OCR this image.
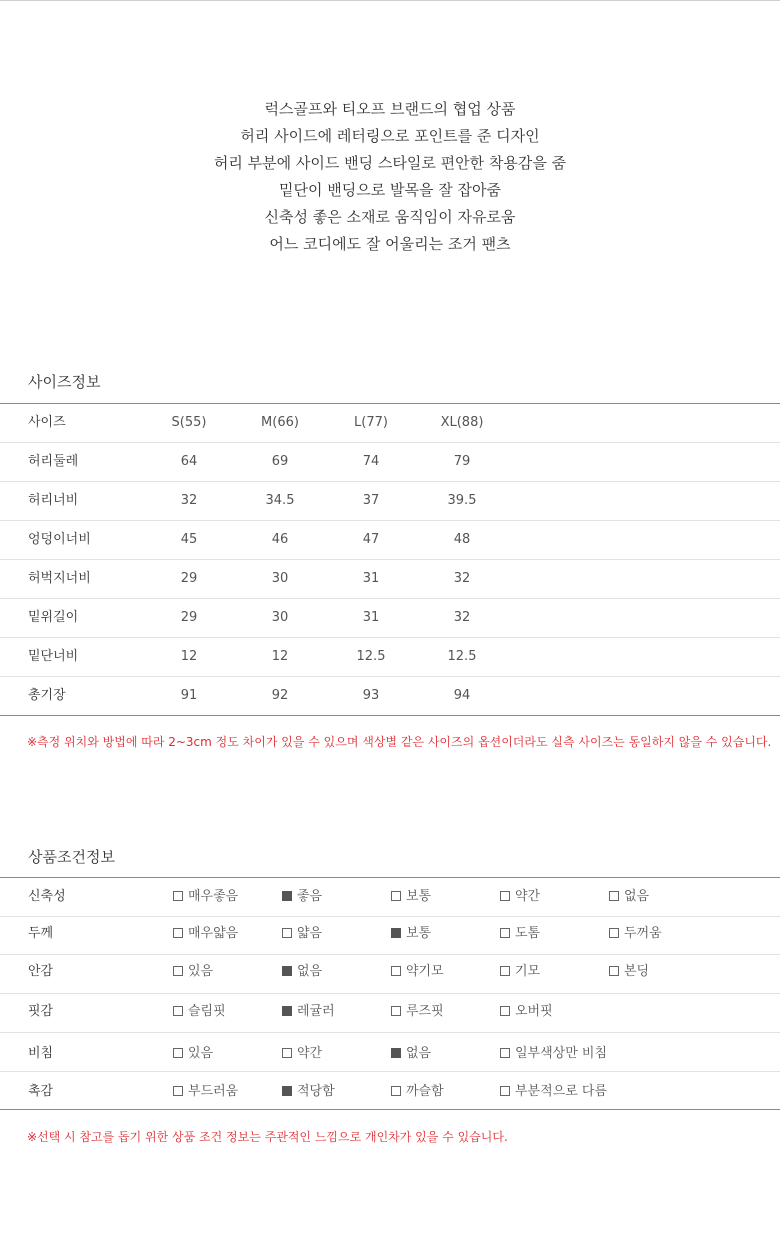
럭스골프와 티오프 브랜드의 협업 상품
허리 사이드에 레터링으로 포인트를 준 디자인
허리 부분에 사이드 밴딩 스타일로 편안한 착용감을 줌
밑단이 밴딩으로 발목을 잘 잡아줌
신축성 좋은 소재로 움직임이 자유로움
어느 코디에도 잘 어울리는 조거 팬츠
사이즈정보
사이즈	S(55)	M(66)	L(77)	XL(88)
허리둘레	64	69	74	79
허리너비	32	34.5	37	39.5
엉덩이너비	45	46	47	48
허벅지너비	29	30	31	32
밑위길이	29	30	31	32
밑단너비	12	12	12.5	12.5
총기장	91	92	93	94
※측정 위치와 방법에 따라 2~3cm 정도 차이가 있을 수 있으며 색상별 같은 사이즈의 옵션이더라도 실측 사이즈는 동일하지 않을 수 있습니다.
상품조건정보
신축성	매우좋음	좋음	보통	약간	없음
두께	매우얇음	얇음	보통	도톰	두꺼움
안감	있음	없음	약기모	기모	본딩
핏감	슬림핏	레귤러	루즈핏	오버핏
비침	있음	약간	없음	일부색상만 비침
촉감	부드러움	적당함	까슬함	부분적으로 다름
※선택 시 참고를 돕기 위한 상품 조건 정보는 주관적인 느낌으로 개인차가 있을 수 있습니다.
